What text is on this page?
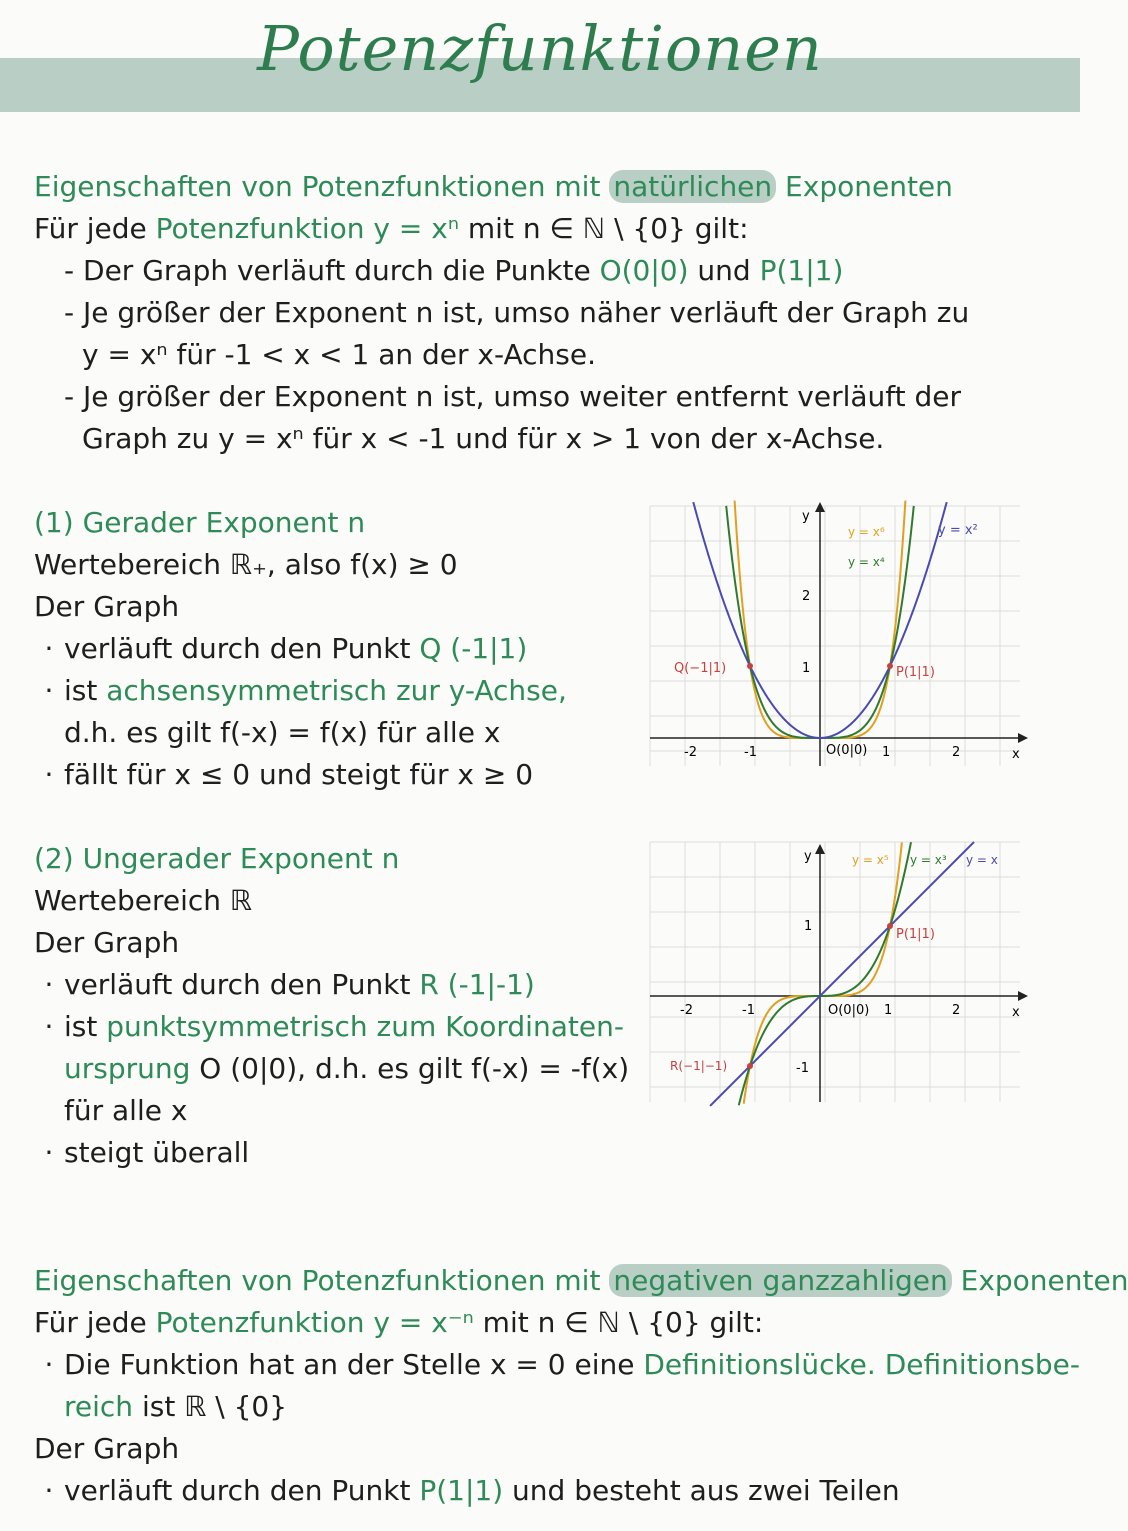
Potenzfunktionen
Eigenschaften von Potenzfunktionen mit natürlichen Exponenten
Für jede Potenzfunktion y = xⁿ mit n ∈ ℕ \ {0} gilt:
- Der Graph verläuft durch die Punkte O(0|0) und P(1|1)
- Je größer der Exponent n ist, umso näher verläuft der Graph zu
y = xⁿ für -1 < x < 1 an der x-Achse.
- Je größer der Exponent n ist, umso weiter entfernt verläuft der
Graph zu y = xⁿ für x < -1 und für x > 1 von der x-Achse.
(1) Gerader Exponent n
Wertebereich ℝ₊, also f(x) ≥ 0
Der Graph
· verläuft durch den Punkt Q (-1|1)
· ist achsensymmetrisch zur y-Achse,
d.h. es gilt f(-x) = f(x) für alle x
· fällt für x ≤ 0 und steigt für x ≥ 0
(2) Ungerader Exponent n
Wertebereich ℝ
Der Graph
· verläuft durch den Punkt R (-1|-1)
· ist punktsymmetrisch zum Koordinaten-
ursprung O (0|0), d.h. es gilt f(-x) = -f(x)
für alle x
· steigt überall
Eigenschaften von Potenzfunktionen mit negativen ganzzahligen Exponenten
Für jede Potenzfunktion y = x⁻ⁿ mit n ∈ ℕ \ {0} gilt:
· Die Funktion hat an der Stelle x = 0 eine Definitionslücke. Definitionsbe-
reich ist ℝ \ {0}
Der Graph
· verläuft durch den Punkt P(1|1) und besteht aus zwei Teilen
-2	-1	1	2
1
2
x
y
y = x⁶
y = x⁴
y = x²
Q(−1|1)	P(1|1)
O(0|0)
-2	-1	1	2
1
-1
x
y	y = x⁵ y = x³ y = x
P(1|1)
O(0|0)
R(−1|−1)
